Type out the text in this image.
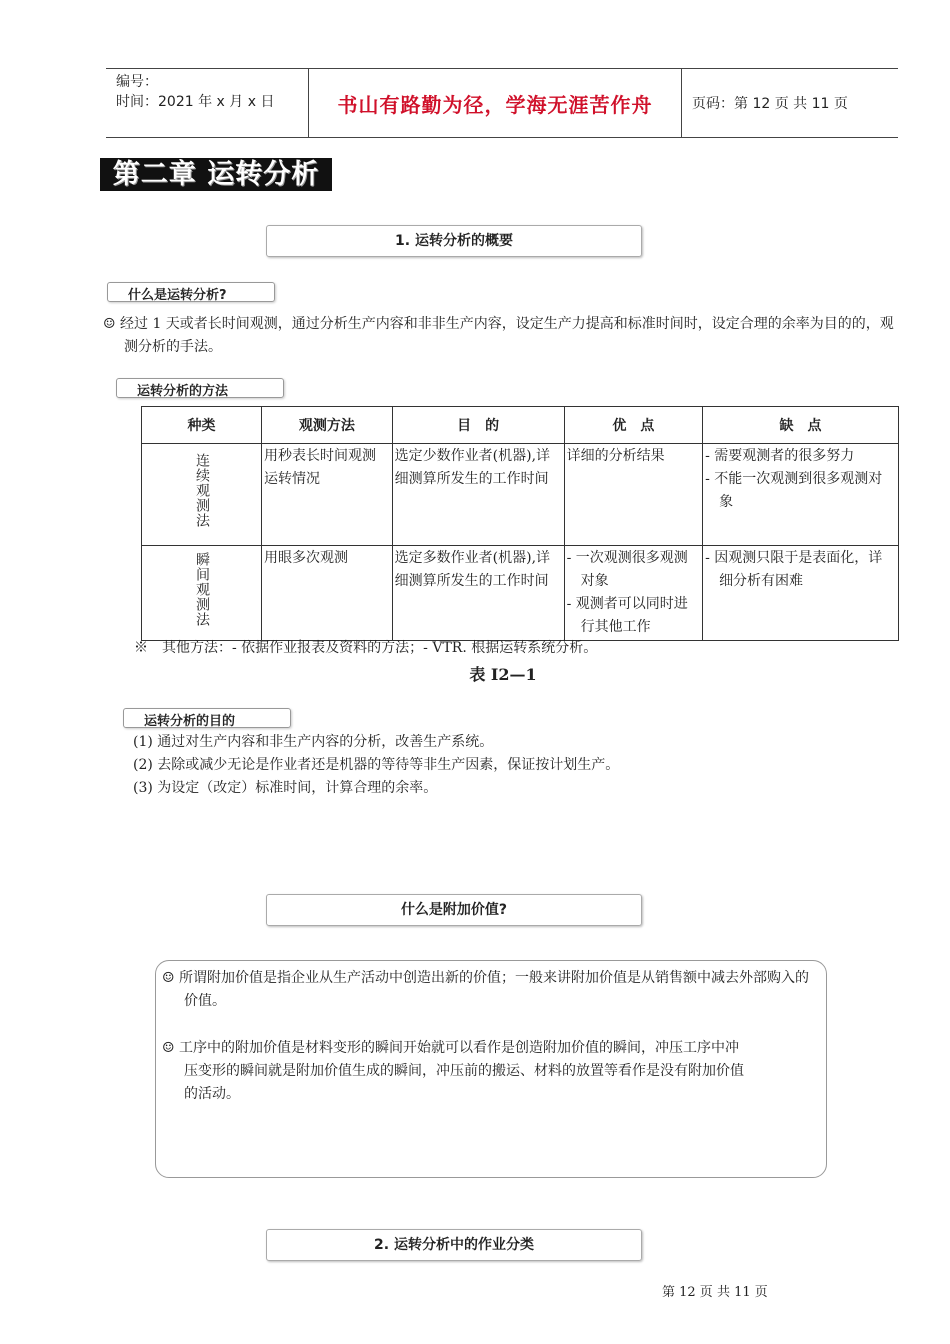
编号：
时间：2021 年 x 月 x 日	书山有路勤为径，学海无涯苦作舟	页码：第 12 页 共 11 页
第二章 运转分析
1. 运转分析的概要
什么是运转分析?
☺ 经过 1 天或者长时间观测，通过分析生产内容和非非生产内容，设定生产力提高和标准时间时，设定合理的余率为目的的，观测分析的手法。
运转分析的方法
种类	观测方法	目　的	优　点	缺　点
连续观测法	用秒表长时间观测运转情况	选定少数作业者(机器),详细测算所发生的工作时间	详细的分析结果	- 需要观测者的很多努力
- 不能一次观测到很多观测对象

瞬间观测法	用眼多次观测	选定多数作业者(机器),详细测算所发生的工作时间	- 一次观测很多观测对象
- 观测者可以同时进行其他工作	- 因观测只限于是表面化，详细分析有困难
※　其他方法：- 依据作业报表及资料的方法；- VTR. 根据运转系统分析。
表 I2—1
运转分析的目的
(1) 通过对生产内容和非生产内容的分析，改善生产系统。
(2) 去除或减少无论是作业者还是机器的等待等非生产因素，保证按计划生产。
(3) 为设定（改定）标准时间，计算合理的余率。
什么是附加价值?
☺ 所谓附加价值是指企业从生产活动中创造出新的价值；一般来讲附加价值是从销售额中减去外部购入的价值。
☺ 工序中的附加价值是材料变形的瞬间开始就可以看作是创造附加价值的瞬间，冲压工序中冲压变形的瞬间就是附加价值生成的瞬间，冲压前的搬运、材料的放置等看作是没有附加价值的活动。
2. 运转分析中的作业分类
第 12 页 共 11 页
